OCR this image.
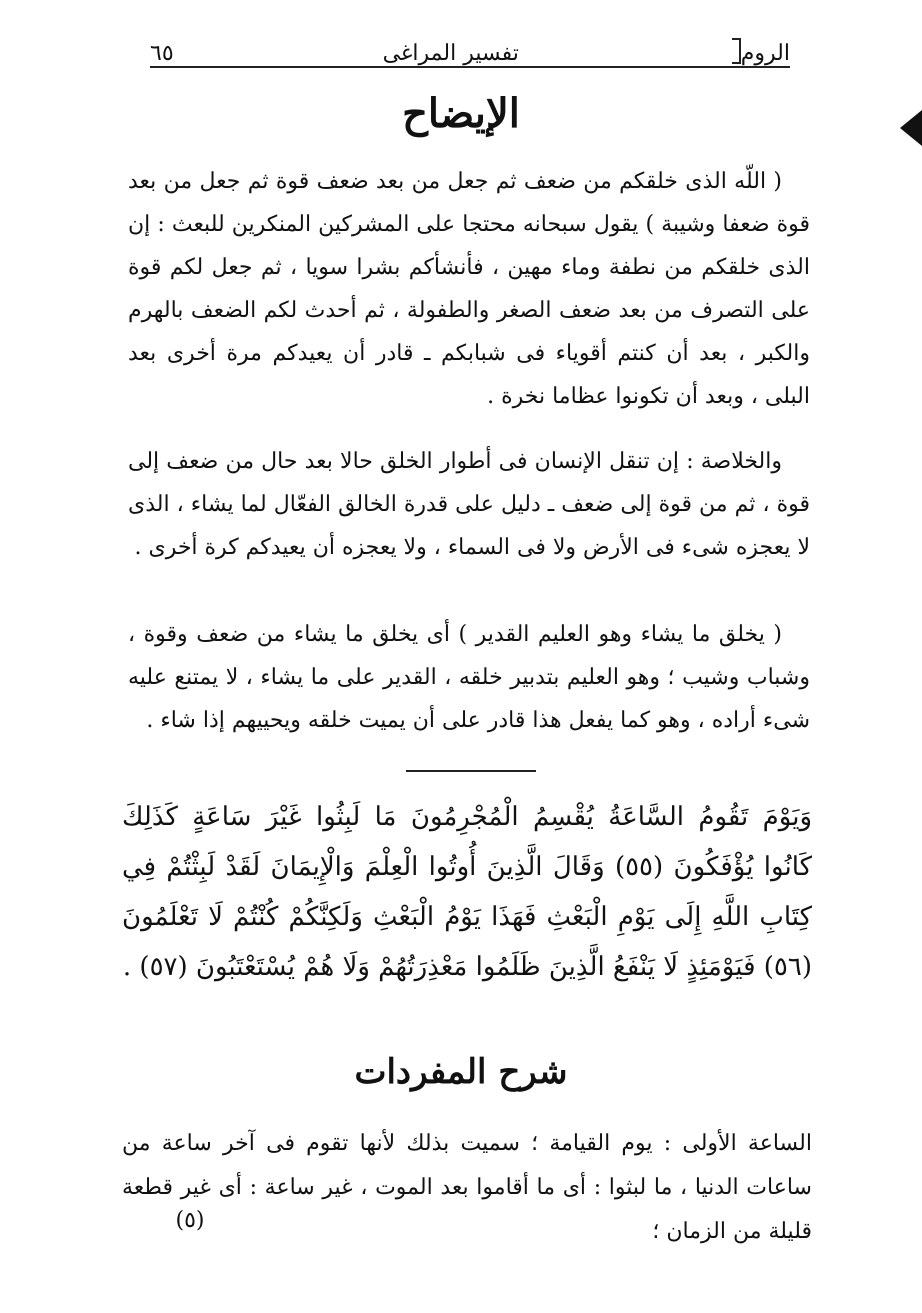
الروم
تفسير المراغى
٦٥
الإيضاح

( اللّه الذى خلقكم من ضعف ثم جعل من بعد ضعف قوة ثم جعل من بعد قوة ضعفا وشيبة ) يقول سبحانه محتجا على المشركين المنكرين للبعث : إن الذى خلقكم من نطفة وماء مهين ، فأنشأكم بشرا سويا ، ثم جعل لكم قوة على التصرف من بعد ضعف الصغر والطفولة ، ثم أحدث لكم الضعف بالهرم والكبر ، بعد أن كنتم أقوياء فى شبابكم ـ قادر أن يعيدكم مرة أخرى بعد البلى ، وبعد أن تكونوا عظاما نخرة .

والخلاصة : إن تنقل الإنسان فى أطوار الخلق حالا بعد حال من ضعف إلى قوة ، ثم من قوة إلى ضعف ـ دليل على قدرة الخالق الفعّال لما يشاء ، الذى لا يعجزه شىء فى الأرض ولا فى السماء ، ولا يعجزه أن يعيدكم كرة أخرى .

( يخلق ما يشاء وهو العليم القدير ) أى يخلق ما يشاء من ضعف وقوة ، وشباب وشيب ؛ وهو العليم بتدبير خلقه ، القدير على ما يشاء ، لا يمتنع عليه شىء أراده ، وهو كما يفعل هذا قادر على أن يميت خلقه ويحييهم إذا شاء .

وَيَوْمَ تَقُومُ السَّاعَةُ يُقْسِمُ الْمُجْرِمُونَ مَا لَبِثُوا غَيْرَ سَاعَةٍ كَذَلِكَ كَانُوا يُؤْفَكُونَ (٥٥) وَقَالَ الَّذِينَ أُوتُوا الْعِلْمَ وَالْإِيمَانَ لَقَدْ لَبِثْتُمْ فِي كِتَابِ اللَّهِ إِلَى يَوْمِ الْبَعْثِ فَهَذَا يَوْمُ الْبَعْثِ وَلَكِنَّكُمْ كُنْتُمْ لَا تَعْلَمُونَ (٥٦) فَيَوْمَئِذٍ لَا يَنْفَعُ الَّذِينَ ظَلَمُوا مَعْذِرَتُهُمْ وَلَا هُمْ يُسْتَعْتَبُونَ (٥٧) .

شرح المفردات

الساعة الأولى : يوم القيامة ؛ سميت بذلك لأنها تقوم فى آخر ساعة من ساعات الدنيا ، ما لبثوا : أى ما أقاموا بعد الموت ، غير ساعة : أى غير قطعة قليلة من الزمان ؛

(٥)
